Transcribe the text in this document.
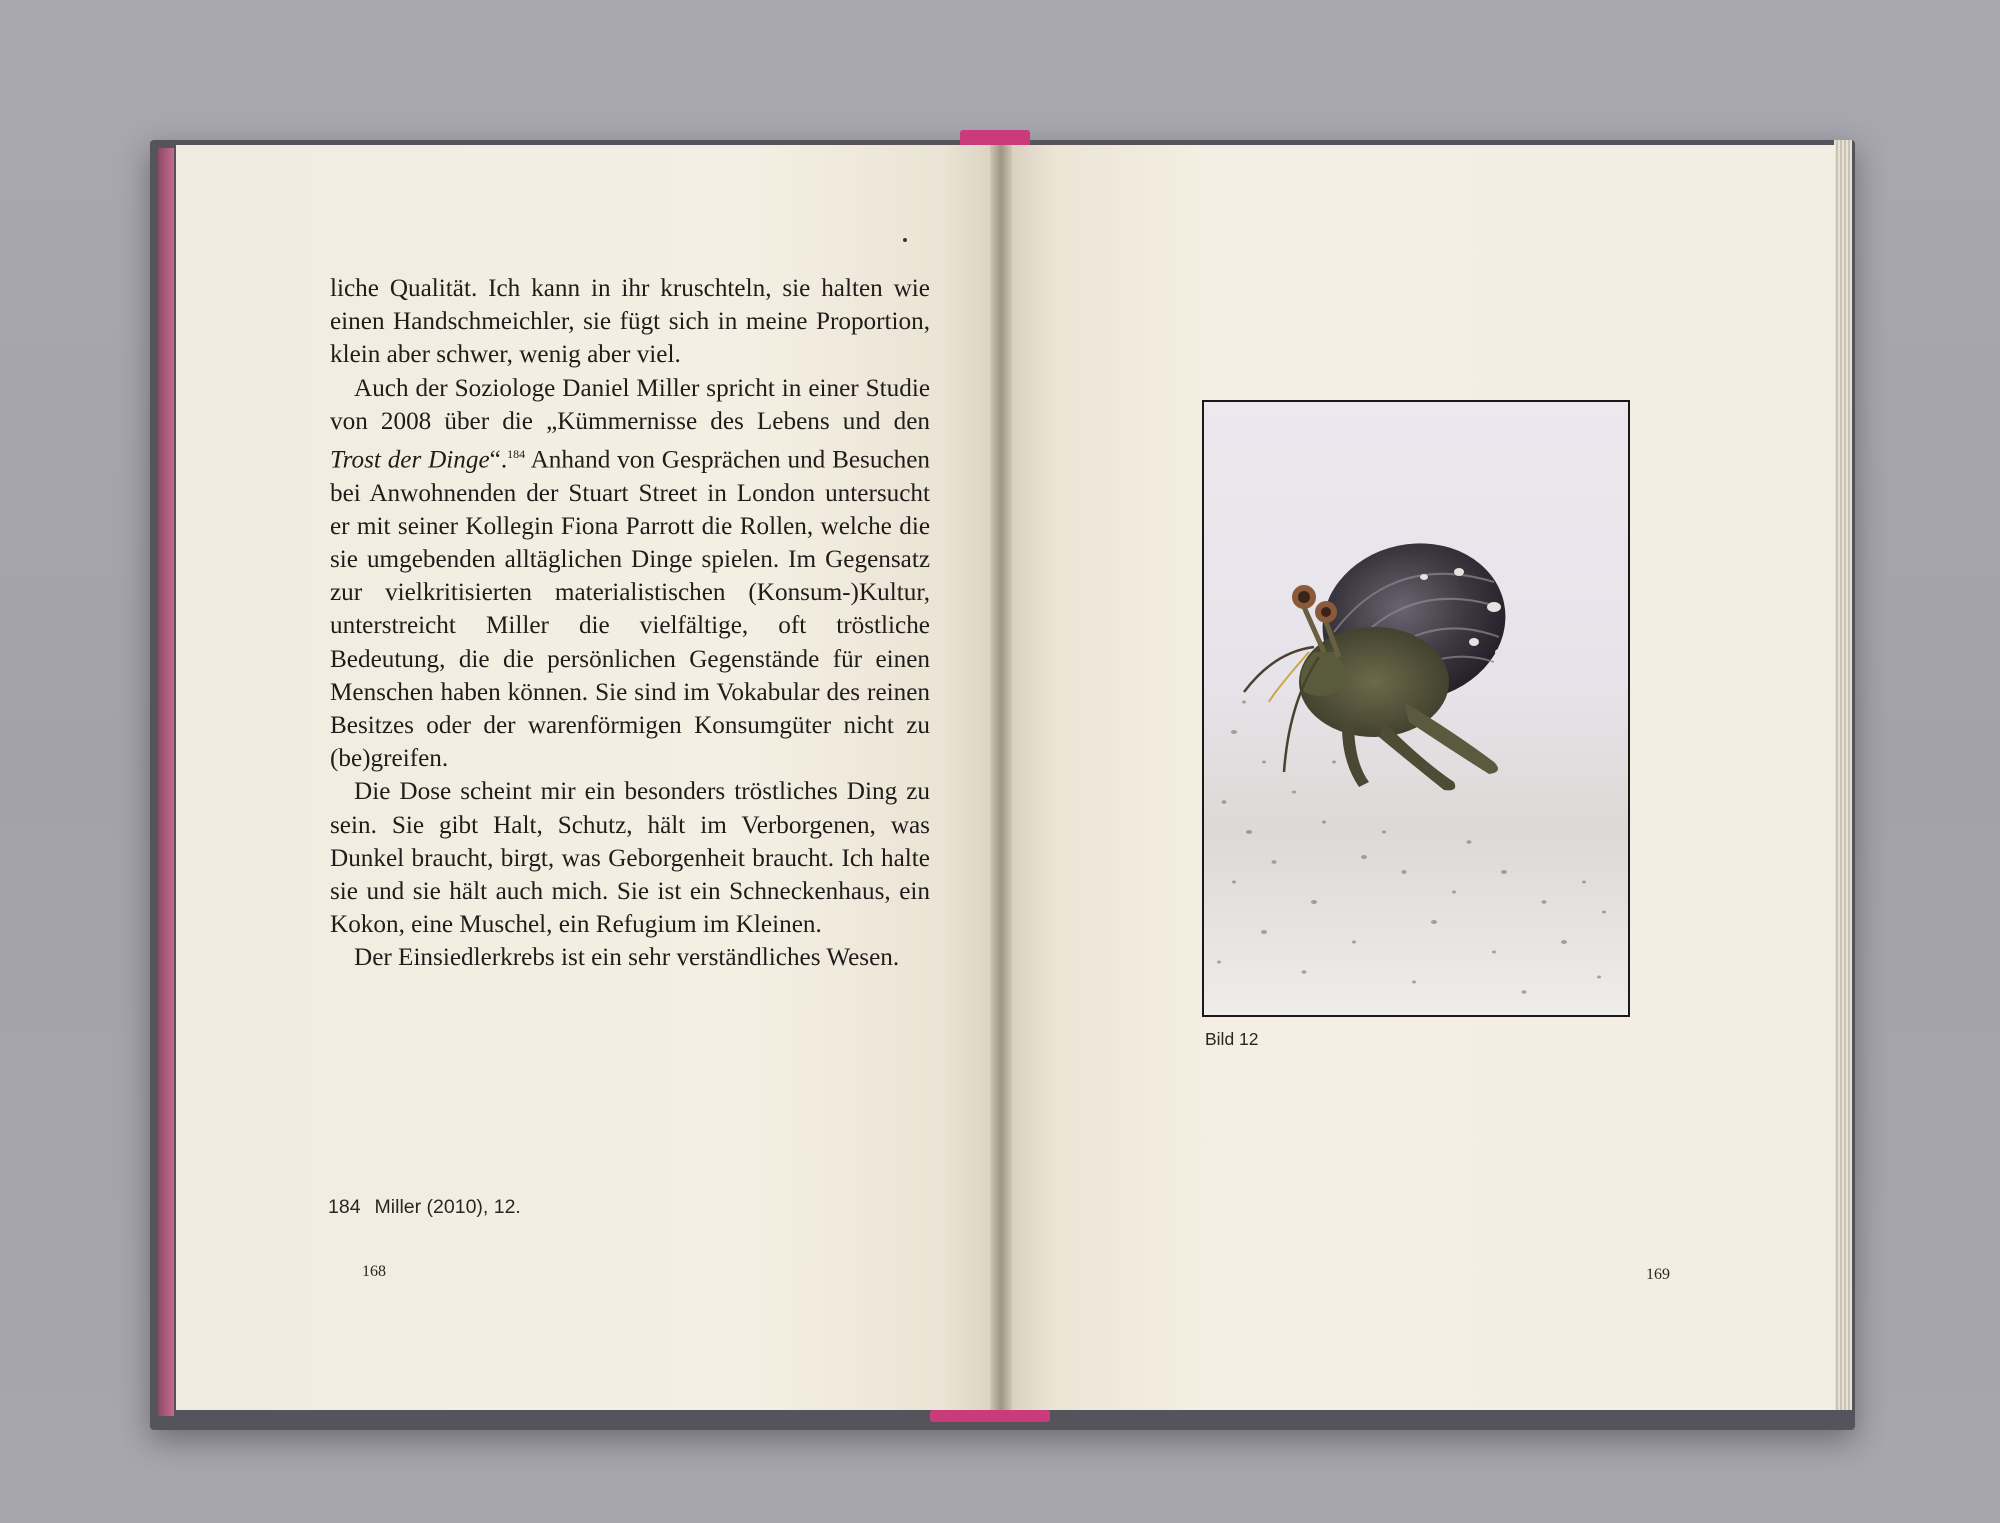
liche Qualität. Ich kann in ihr kruschteln, sie halten wie einen Handschmeichler, sie fügt sich in meine Proportion, klein aber schwer, wenig aber viel.

Auch der Soziologe Daniel Miller spricht in einer Studie von 2008 über die „Kümmernisse des Lebens und den Trost der Dinge“.$^{184}$ Anhand von Gesprächen und Besuchen bei Anwohnenden der Stuart Street in London untersucht er mit seiner Kollegin Fiona Parrott die Rollen, welche die sie umgebenden alltäglichen Dinge spielen. Im Gegensatz zur vielkritisierten materialistischen (Konsum-)Kultur, unterstreicht Miller die vielfältige, oft tröstliche Bedeutung, die die persönlichen Gegenstände für einen Menschen haben können. Sie sind im Vokabular des reinen Besitzes oder der warenförmigen Konsumgüter nicht zu (be)greifen.

Die Dose scheint mir ein besonders tröstliches Ding zu sein. Sie gibt Halt, Schutz, hält im Verborgenen, was Dunkel braucht, birgt, was Geborgenheit braucht. Ich halte sie und sie hält auch mich. Sie ist ein Schneckenhaus, ein Kokon, eine Muschel, ein Refugium im Kleinen.

Der Einsiedlerkrebs ist ein sehr verständliches Wesen.

184 Miller (2010), 12.
168
Bild 12
169
